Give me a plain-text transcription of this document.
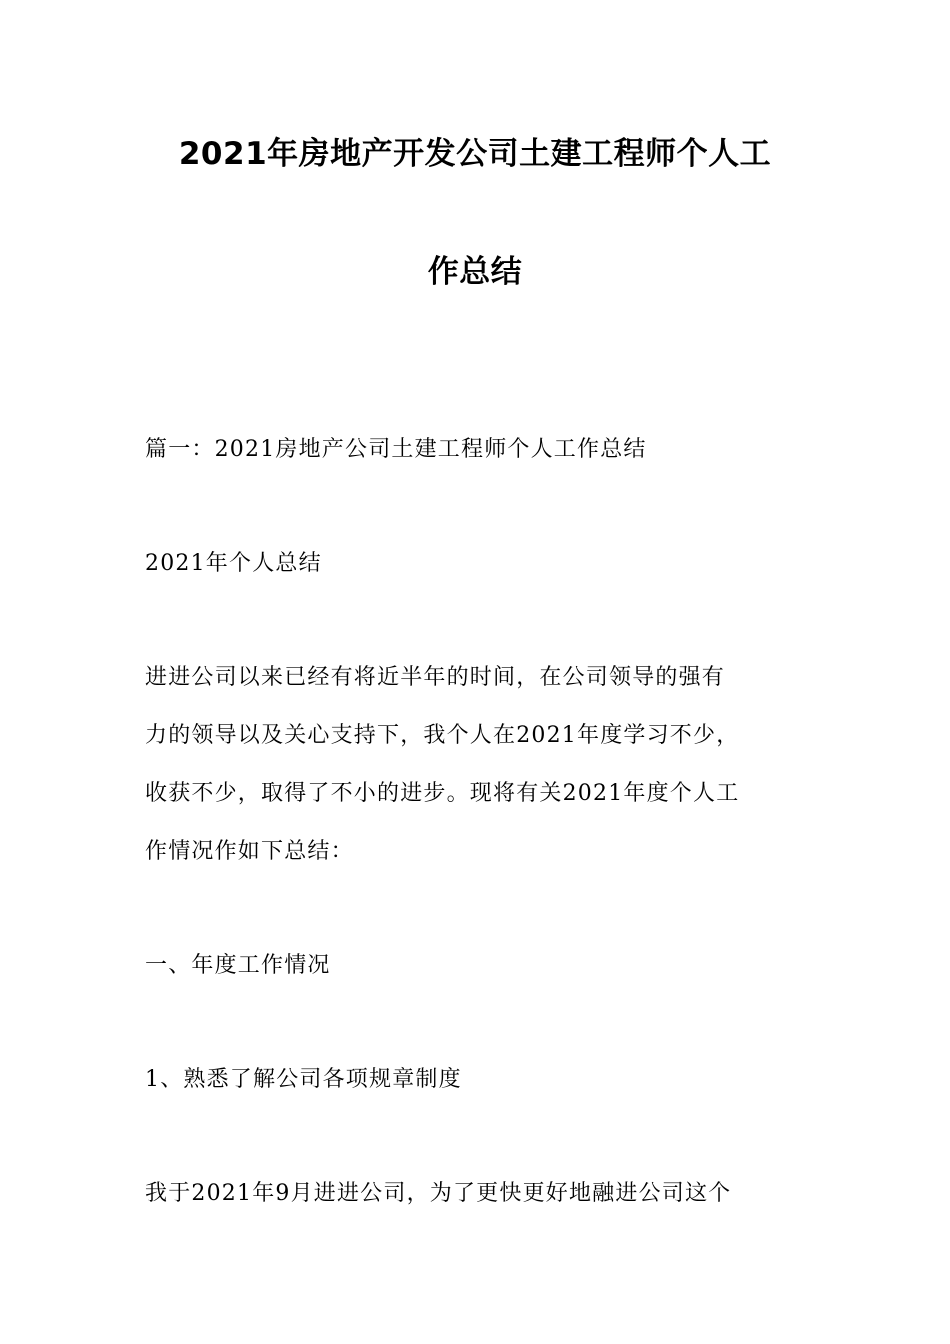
2021年房地产开发公司土建工程师个人工
作总结
篇一：2021房地产公司土建工程师个人工作总结
2021年个人总结
进进公司以来已经有将近半年的时间，在公司领导的强有
力的领导以及关心支持下，我个人在2021年度学习不少，
收获不少，取得了不小的进步。现将有关2021年度个人工
作情况作如下总结：
一、年度工作情况
1、熟悉了解公司各项规章制度
我于2021年9月进进公司，为了更快更好地融进公司这个
